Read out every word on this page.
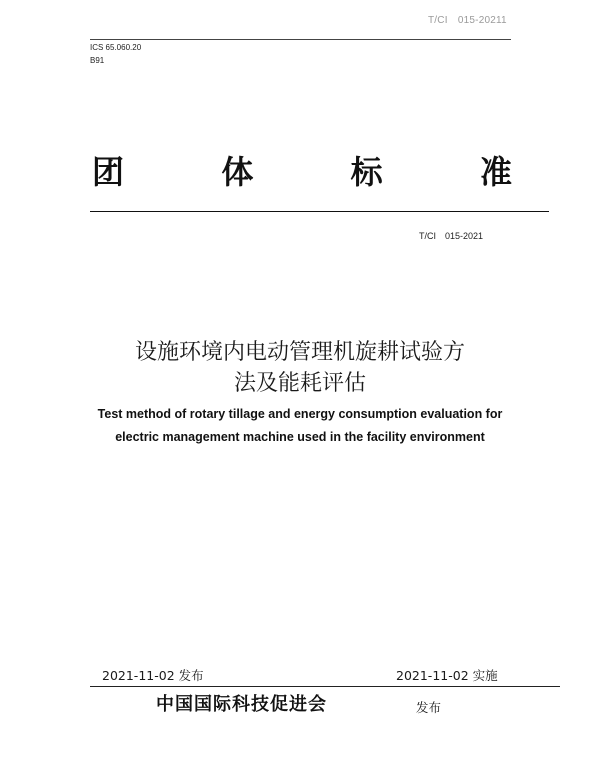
T/CI　015-20211
ICS 65.060.20
B91
团	体	标	准
T/CI　015-2021
设施环境内电动管理机旋耕试验方
法及能耗评估
Test method of rotary tillage and energy consumption evaluation for
electric management machine used in the facility environment
2021-11-02 发布	2021-11-02 实施
中国国际科技促进会	发布
